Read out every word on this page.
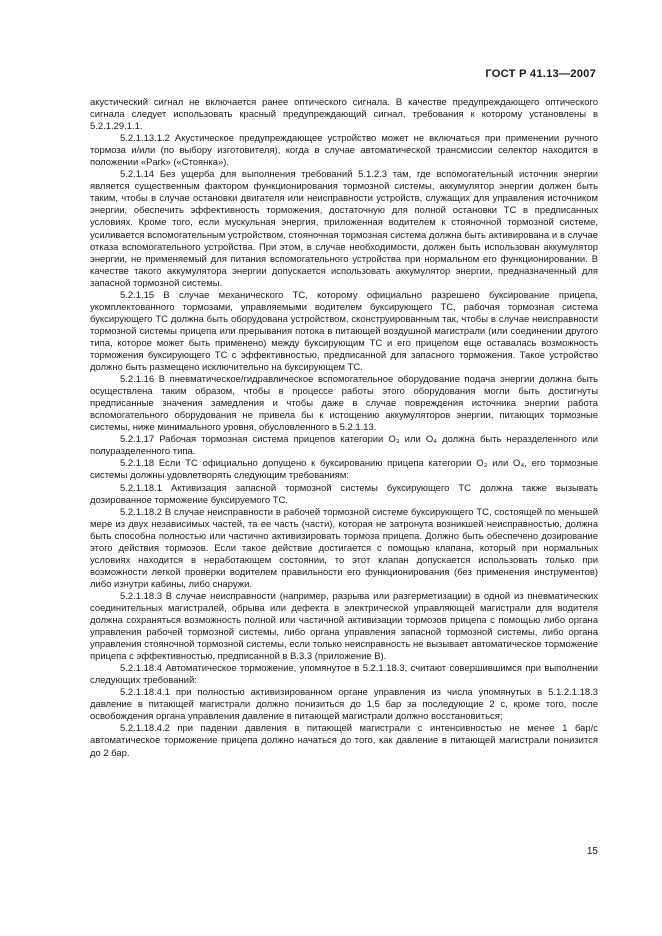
ГОСТ Р 41.13—2007

акустический сигнал не включается ранее оптического сигнала. В качестве предупреждающего оптического сигнала следует использовать красный предупреждающий сигнал, требования к которому установлены в 5.2.1.29.1.1.

5.2.1.13.1.2 Акустическое предупреждающее устройство может не включаться при применении ручного тормоза и/или (по выбору изготовителя), когда в случае автоматической трансмиссии селектор находится в положении «Park» («Стоянка»).

5.2.1.14 Без ущерба для выполнения требований 5.1.2.3 там, где вспомогательный источник энергии является существенным фактором функционирования тормозной системы, аккумулятор энергии должен быть таким, чтобы в случае остановки двигателя или неисправности устройств, служащих для управления источником энергии, обеспечить эффективность торможения, достаточную для полной остановки ТС в предписанных условиях. Кроме того, если мускульная энергия, приложенная водителем к стояночной тормозной системе, усиливается вспомогательным устройством, стояночная тормозная система должна быть активирована и в случае отказа вспомогательного устройства. При этом, в случае необходимости, должен быть использован аккумулятор энергии, не применяемый для питания вспомогательного устройства при нормальном его функционировании. В качестве такого аккумулятора энергии допускается использовать аккумулятор энергии, предназначенный для запасной тормозной системы.

5.2.1.15 В случае механического ТС, которому официально разрешено буксирование прицепа, укомплектованного тормозами, управляемыми водителем буксирующего ТС, рабочая тормозная система буксирующего ТС должна быть оборудована устройством, сконструированным так, чтобы в случае неисправности тормозной системы прицепа или прерывания потока в питающей воздушной магистрали (или соединении другого типа, которое может быть применено) между буксирующим ТС и его прицепом еще оставалась возможность торможения буксирующего ТС с эффективностью, предписанной для запасного торможения. Такое устройство должно быть размещено исключительно на буксирующем ТС.

5.2.1.16 В пневматическое/гидравлическое вспомогательное оборудование подача энергии должна быть осуществлена таким образом, чтобы в процессе работы этого оборудования могли быть достигнуты предписанные значения замедления и чтобы даже в случае повреждения источника энергии работа вспомогательного оборудования не привела бы к истощению аккумуляторов энергии, питающих тормозные системы, ниже минимального уровня, обусловленного в 5.2.1.13.

5.2.1.17 Рабочая тормозная система прицепов категории O₃ или O₄ должна быть неразделенного или полуразделенного типа.

5.2.1.18 Если ТС официально допущено к буксированию прицепа категории O₃ или O₄, его тормозные системы должны удовлетворять следующим требованиям:

5.2.1.18.1 Активизация запасной тормозной системы буксирующего ТС должна также вызывать дозированное торможение буксируемого ТС.

5.2.1.18.2 В случае неисправности в рабочей тормозной системе буксирующего ТС, состоящей по меньшей мере из двух независимых частей, та ее часть (части), которая не затронута возникшей неисправностью, должна быть способна полностью или частично активизировать тормоза прицепа. Должно быть обеспечено дозирование этого действия тормозов. Если такое действие достигается с помощью клапана, который при нормальных условиях находится в неработающем состоянии, то этот клапан допускается использовать только при возможности легкой проверки водителем правильности его функционирования (без применения инструментов) либо изнутри кабины, либо снаружи.

5.2.1.18.3 В случае неисправности (например, разрыва или разгерметизации) в одной из пневматических соединительных магистралей, обрыва или дефекта в электрической управляющей магистрали для водителя должна сохраняться возможность полной или частичной активизации тормозов прицепа с помощью либо органа управления рабочей тормозной системы, либо органа управления запасной тормозной системы, либо органа управления стояночной тормозной системы, если только неисправность не вызывает автоматическое торможение прицепа с эффективностью, предписанной в В.3.3 (приложение В).

5.2.1.18.4 Автоматическое торможение, упомянутое в 5.2.1.18.3, считают совершившимся при выполнении следующих требований:

5.2.1.18.4.1 при полностью активизированном органе управления из числа упомянутых в 5.1.2.1.18.3 давление в питающей магистрали должно понизиться до 1,5 бар за последующие 2 с, кроме того, после освобождения органа управления давление в питающей магистрали должно восстановиться;

5.2.1.18.4.2 при падении давления в питающей магистрали с интенсивностью не менее 1 бар/с автоматическое торможение прицепа должно начаться до того, как давление в питающей магистрали понизится до 2 бар.

15
